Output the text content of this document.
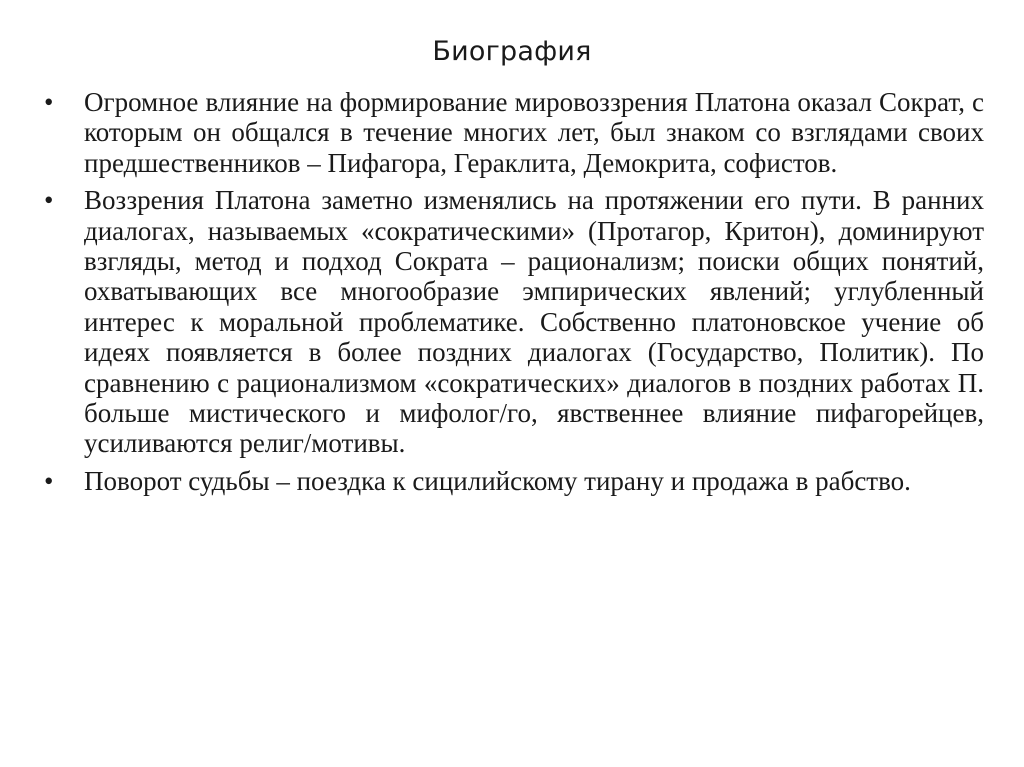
Биография
• Огромное влияние на формирование мировоззрения Платона оказал Сократ, с которым он общался в течение многих лет, был знаком со взглядами своих предшественников – Пифагора, Гераклита, Демокрита, софистов.
• Воззрения Платона заметно изменялись на протяжении его пути. В ранних диалогах, называемых «сократическими» (Протагор, Критон), доминируют взгляды, метод и подход Сократа – рационализм; поиски общих понятий, охватывающих все многообразие эмпирических явлений; углубленный интерес к моральной проблематике. Собственно платоновское учение об идеях появляется в более поздних диалогах (Государство, Политик). По сравнению с рационализмом «сократических» диалогов в поздних работах П. больше мистического и мифолог/го, явственнее влияние пифагорейцев, усиливаются религ/мотивы.
• Поворот судьбы – поездка к сицилийскому тирану и продажа в рабство.
